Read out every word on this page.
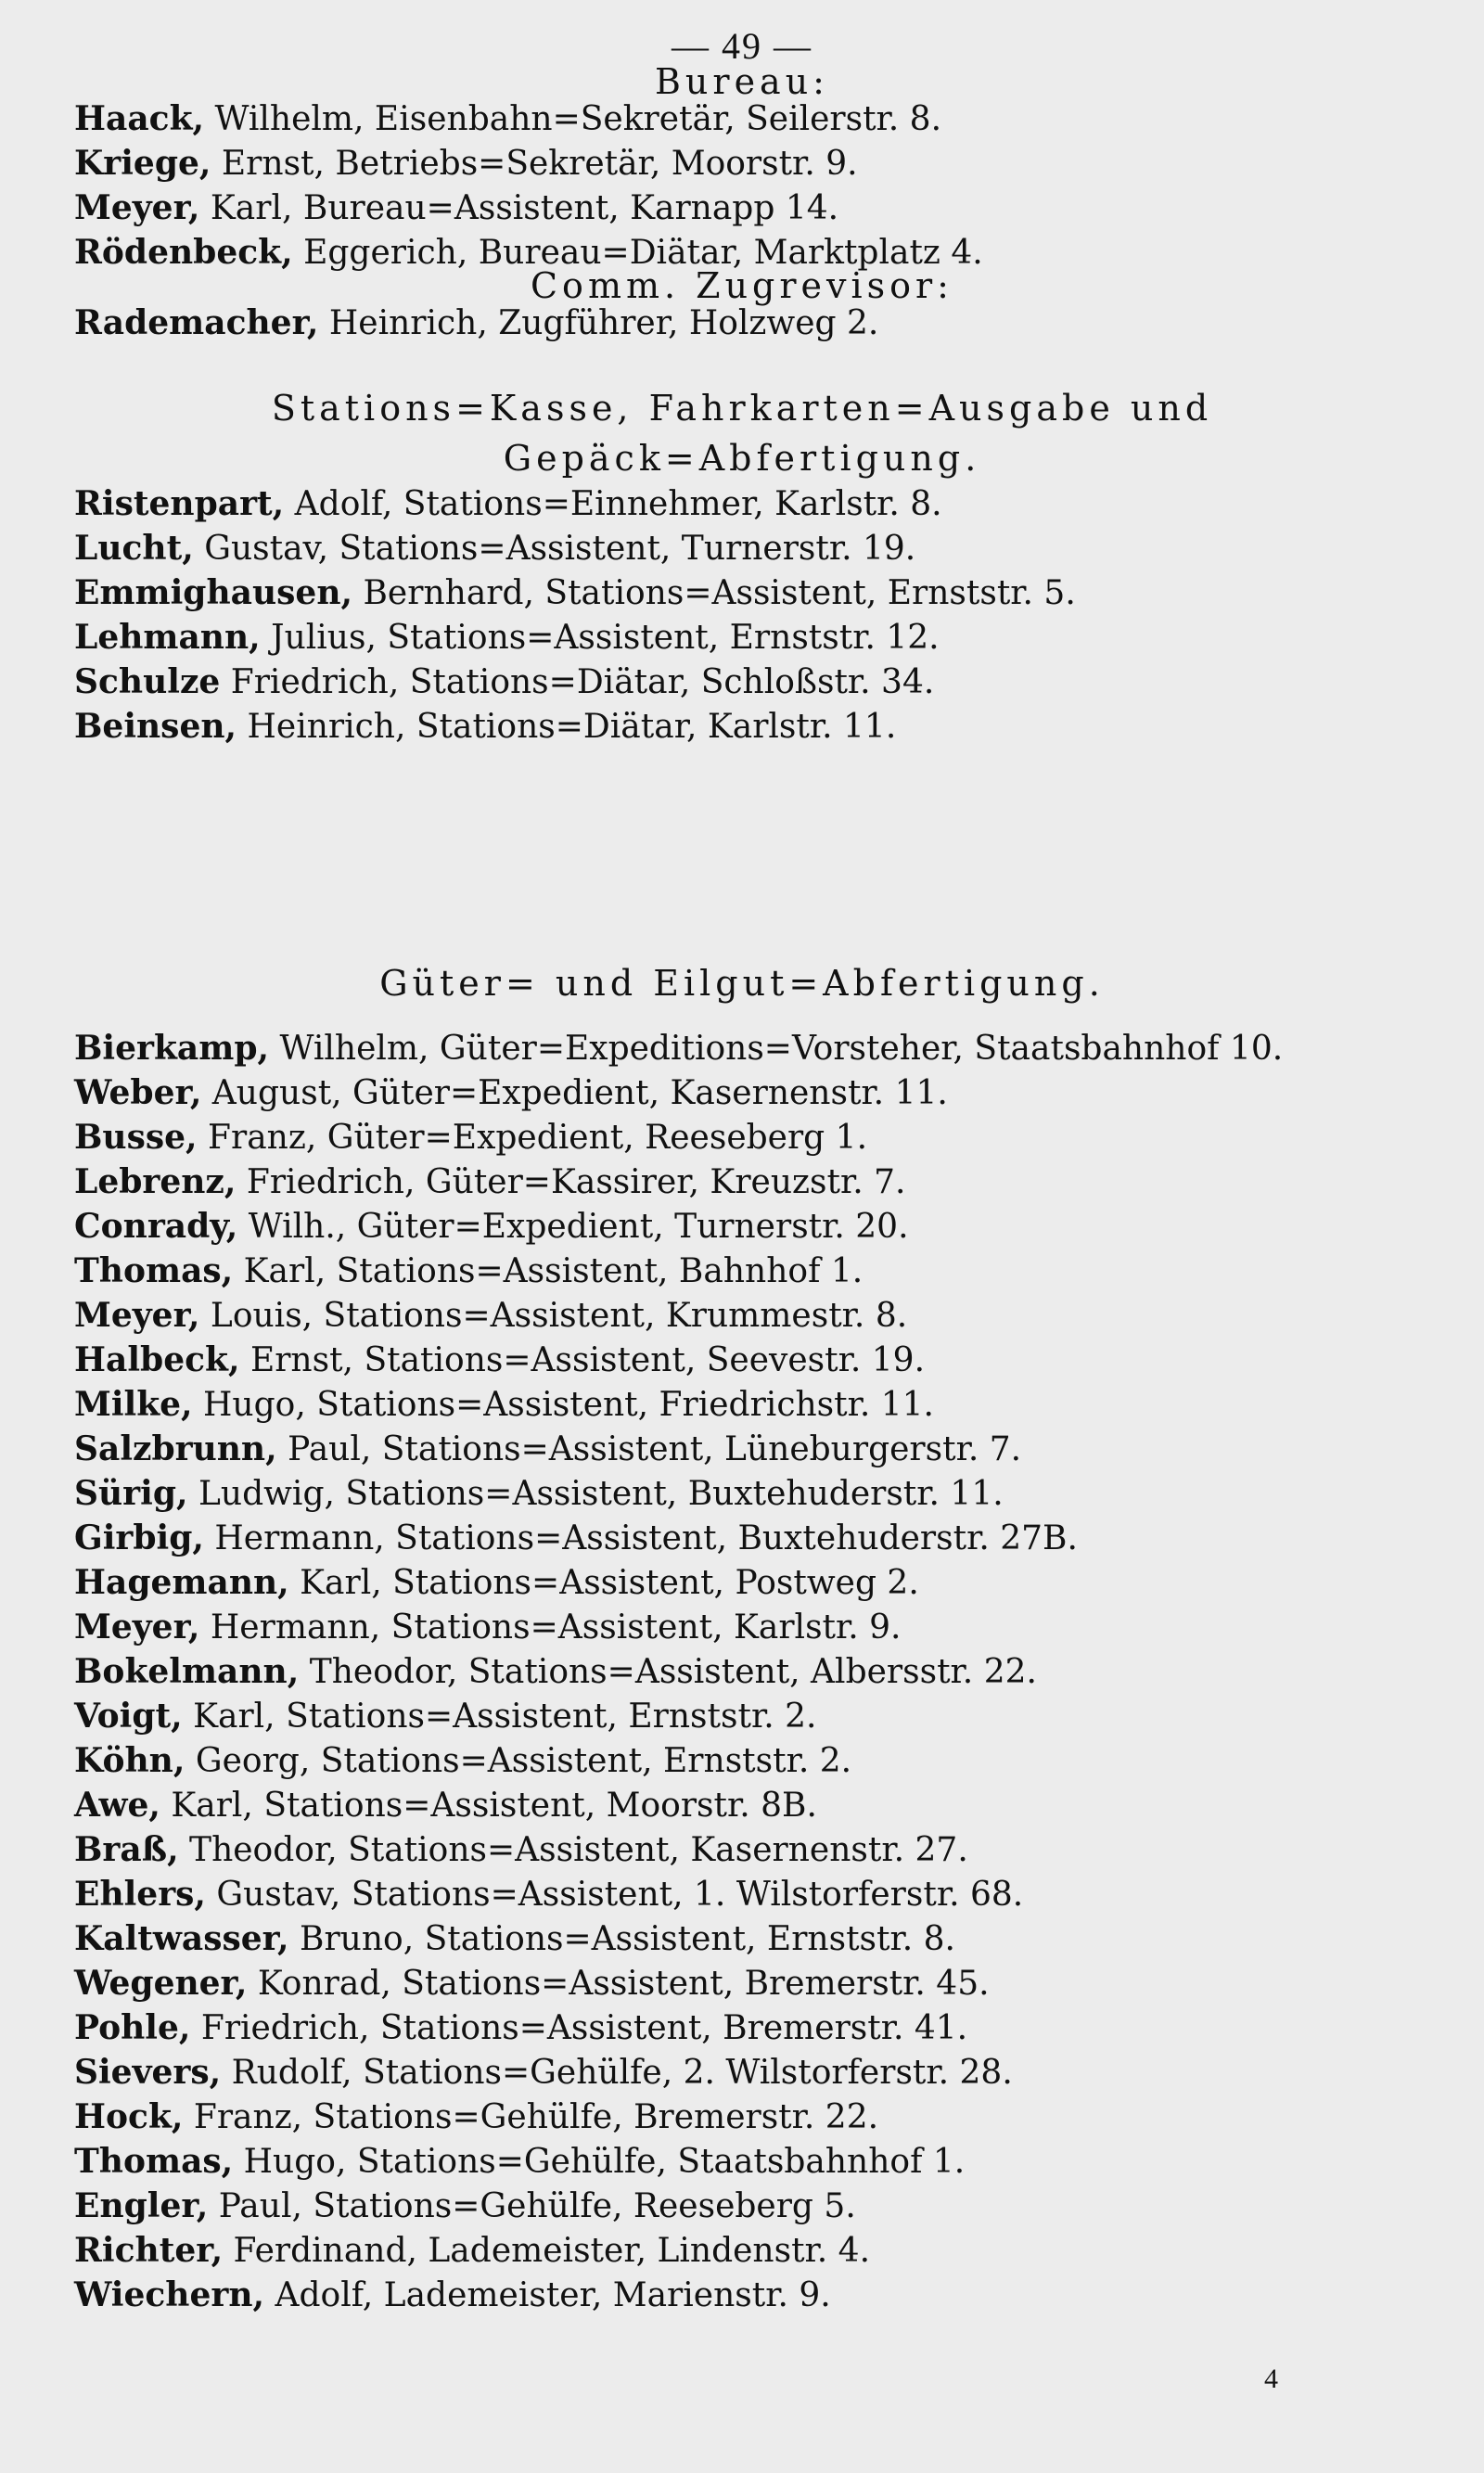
— 49 —
Bureau:
Haack, Wilhelm, Eisenbahn=Sekretär, Seilerstr. 8.
Kriege, Ernst, Betriebs=Sekretär, Moorstr. 9.
Meyer, Karl, Bureau=Assistent, Karnapp 14.
Rödenbeck, Eggerich, Bureau=Diätar, Marktplatz 4.
Comm. Zugrevisor:
Rademacher, Heinrich, Zugführer, Holzweg 2.
Stations=Kasse, Fahrkarten=Ausgabe und
Gepäck=Abfertigung.
Ristenpart, Adolf, Stations=Einnehmer, Karlstr. 8.
Lucht, Gustav, Stations=Assistent, Turnerstr. 19.
Emmighausen, Bernhard, Stations=Assistent, Ernststr. 5.
Lehmann, Julius, Stations=Assistent, Ernststr. 12.
Schulze Friedrich, Stations=Diätar, Schloßstr. 34.
Beinsen, Heinrich, Stations=Diätar, Karlstr. 11.
Güter= und Eilgut=Abfertigung.
Bierkamp, Wilhelm, Güter=Expeditions=Vorsteher, Staatsbahnhof 10.
Weber, August, Güter=Expedient, Kasernenstr. 11.
Busse, Franz, Güter=Expedient, Reeseberg 1.
Lebrenz, Friedrich, Güter=Kassirer, Kreuzstr. 7.
Conrady, Wilh., Güter=Expedient, Turnerstr. 20.
Thomas, Karl, Stations=Assistent, Bahnhof 1.
Meyer, Louis, Stations=Assistent, Krummestr. 8.
Halbeck, Ernst, Stations=Assistent, Seevestr. 19.
Milke, Hugo, Stations=Assistent, Friedrichstr. 11.
Salzbrunn, Paul, Stations=Assistent, Lüneburgerstr. 7.
Sürig, Ludwig, Stations=Assistent, Buxtehuderstr. 11.
Girbig, Hermann, Stations=Assistent, Buxtehuderstr. 27B.
Hagemann, Karl, Stations=Assistent, Postweg 2.
Meyer, Hermann, Stations=Assistent, Karlstr. 9.
Bokelmann, Theodor, Stations=Assistent, Albersstr. 22.
Voigt, Karl, Stations=Assistent, Ernststr. 2.
Köhn, Georg, Stations=Assistent, Ernststr. 2.
Awe, Karl, Stations=Assistent, Moorstr. 8B.
Braß, Theodor, Stations=Assistent, Kasernenstr. 27.
Ehlers, Gustav, Stations=Assistent, 1. Wilstorferstr. 68.
Kaltwasser, Bruno, Stations=Assistent, Ernststr. 8.
Wegener, Konrad, Stations=Assistent, Bremerstr. 45.
Pohle, Friedrich, Stations=Assistent, Bremerstr. 41.
Sievers, Rudolf, Stations=Gehülfe, 2. Wilstorferstr. 28.
Hock, Franz, Stations=Gehülfe, Bremerstr. 22.
Thomas, Hugo, Stations=Gehülfe, Staatsbahnhof 1.
Engler, Paul, Stations=Gehülfe, Reeseberg 5.
Richter, Ferdinand, Lademeister, Lindenstr. 4.
Wiechern, Adolf, Lademeister, Marienstr. 9.
4
